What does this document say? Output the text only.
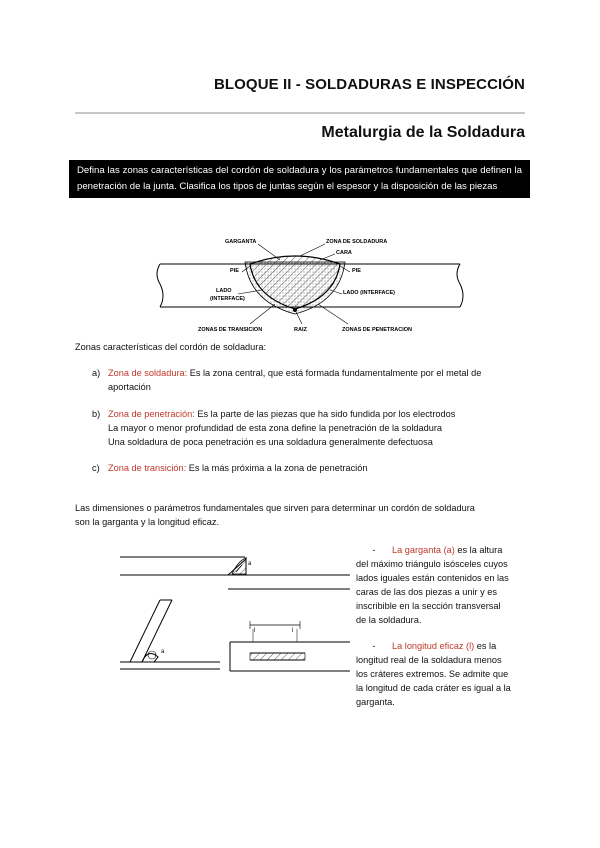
BLOQUE II - SOLDADURAS E INSPECCIÓN
Metalurgia de la Soldadura
Defina las zonas características del cordón de soldadura y los parámetros fundamentales que definen la penetración de la junta. Clasifica los tipos de juntas según el espesor y la disposición de las piezas
GARGANTA	ZONA DE SOLDADURA
CARA
PIE	PIE
LADO
(INTERFACE)
LADO (INTERFACE)
ZONAS DE TRANSICION	RAIZ	ZONAS DE PENETRACION
Zonas características del cordón de soldadura:
a) Zona de soldadura: Es la zona central, que está formada fundamentalmente por el metal de
aportación
b) Zona de penetración: Es la parte de las piezas que ha sido fundida por los electrodos
La mayor o menor profundidad de esta zona define la penetración de la soldadura
Una soldadura de poca penetración es una soldadura generalmente defectuosa
c) Zona de transición: Es la más próxima a la zona de penetración
Las dimensiones o parámetros fundamentales que sirven para determinar un cordón de soldadura
son la garganta y la longitud eficaz.
a
a
l	l
- La garganta (a) es la altura
del máximo triángulo isósceles cuyos
lados iguales están contenidos en las
caras de las dos piezas a unir y es
inscribible en la sección transversal
de la soldadura.
- La longitud eficaz (l) es la
longitud real de la soldadura menos
los cráteres extremos. Se admite que
la longitud de cada cráter es igual a la
garganta.
